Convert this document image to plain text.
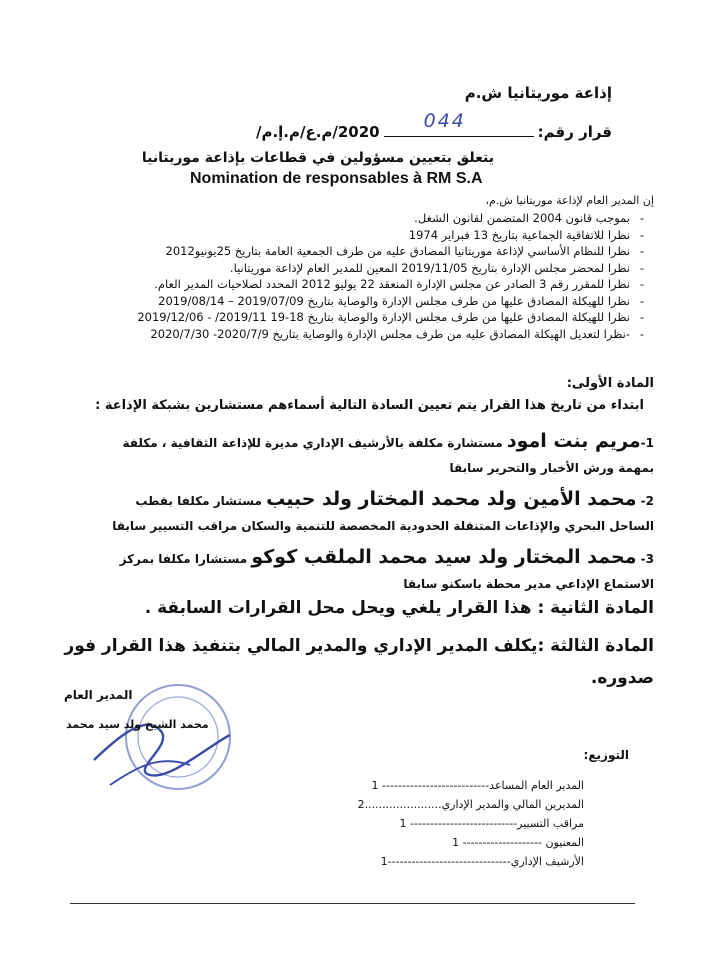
إذاعة موريتانيا ش.م
قرار رقم:
044
2020/م.ع/م.إ.م/
يتعلق بتعيين مسؤولين في قطاعات بإذاعة موريتانيا
Nomination de responsables à RM S.A
إن المدير العام لإذاعة موريتانيا ش.م،
- بموجب قانون 2004 المتضمن لقانون الشغل.
- نظرا للاتفاقية الجماعية بتاريخ 13 فبراير 1974
- نظرا للنظام الأساسي لإذاعة موريتانيا المصادق عليه من طرف الجمعية العامة بتاريخ 25يونيو2012
- نظرا لمحضر مجلس الإدارة بتاريخ 2019/11/05 المعين للمدير العام لإذاعة موريتانيا.
- نظرا للمقرر رقم 3 الصادر عن مجلس الإدارة المنعقد 22 يوليو 2012 المحدد لصلاحيات المدير العام.
- نظرا للهيكلة المصادق عليها من طرف مجلس الإدارة والوصاية بتاريخ 2019/07/09 – 2019/08/14
- نظرا للهيكلة المصادق عليها من طرف مجلس الإدارة والوصاية بتاريخ 18-19 2019/11/ - 2019/12/06
- -نظرا لتعديل الهيكلة المصادق عليه من طرف مجلس الإدارة والوصاية بتاريخ 2020/7/9- 2020/7/30
المادة الأولى:
ابتداء من تاريخ هذا القرار يتم تعيين السادة التالية أسماءهم مستشارين بشبكة الإذاعة :
1-مريم بنت امود مستشارة مكلفة بالأرشيف الإداري مديرة للإذاعة الثقافية ، مكلفة
بمهمة ورش الأخبار والتحرير سابقا
2- محمد الأمين ولد محمد المختار ولد حبيب مستشار مكلفا بقطب
الساحل البحري والإذاعات المتنقلة الحدودية المخصصة للتنمية والسكان مراقب التسيير سابقا
3- محمد المختار ولد سيد محمد الملقب كوكو مستشارا مكلفا بمركز
الاستماع الإذاعي مدير محطة باسكنو سابقا
المادة الثانية : هذا القرار يلغي ويحل محل القرارات السابقة .
المادة الثالثة :يكلف المدير الإداري والمدير المالي بتنفيذ هذا القرار فور صدوره.
المدير العام
محمد الشيخ ولد سيد محمد
التوزيع:
المدير العام المساعد--------------------------- 1
المديرين المالي والمدير الإداري......................2
مراقب التسيير--------------------------- 1
المعنيون -------------------- 1
الأرشيف الإداري-------------------------------1
